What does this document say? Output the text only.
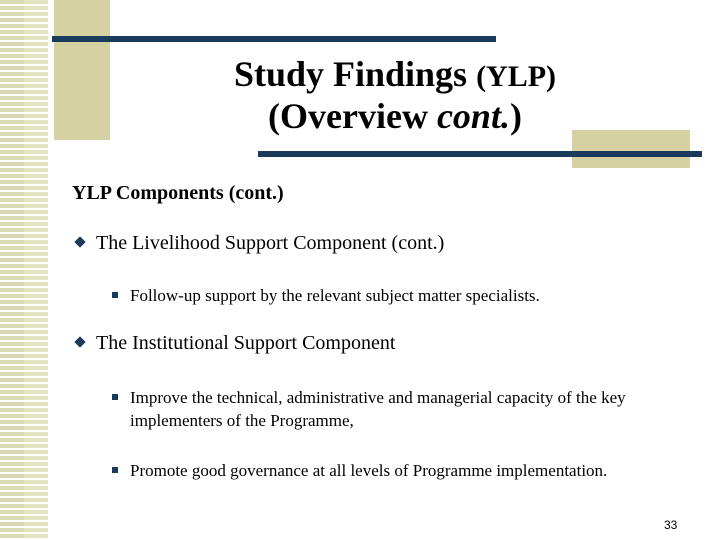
Study Findings (YLP)
(Overview cont.)
YLP Components (cont.)
The Livelihood Support Component (cont.)
Follow-up support by the relevant subject matter specialists.
The Institutional Support Component
Improve the technical, administrative and managerial capacity of the key implementers of the Programme,
Promote good governance at all levels of Programme implementation.
33
